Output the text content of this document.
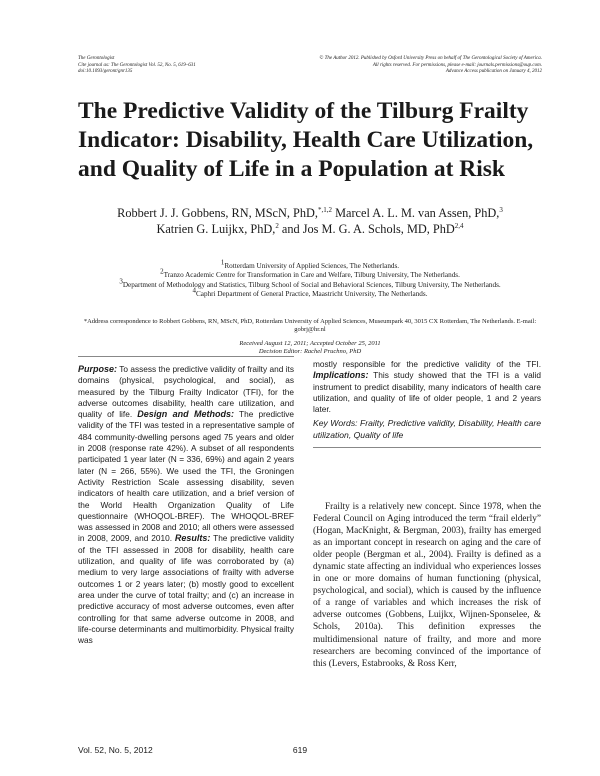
The Gerontologist
Cite journal as: The Gerontologist Vol. 52, No. 5, 619–631
doi:10.1093/geront/gnr135
© The Author 2012. Published by Oxford University Press on behalf of The Gerontological Society of America.
All rights reserved. For permissions, please e-mail: journals.permissions@oup.com.
Advance Access publication on January 4, 2012
The Predictive Validity of the Tilburg Frailty Indicator: Disability, Health Care Utilization, and Quality of Life in a Population at Risk
Robbert J. J. Gobbens, RN, MScN, PhD,$^{*,1,2}$ Marcel A. L. M. van Assen, PhD,$^3$
Katrien G. Luijkx, PhD,$^2$ and Jos M. G. A. Schols, MD, PhD$^{2,4}$
$^1$Rotterdam University of Applied Sciences, The Netherlands.
$^2$Tranzo Academic Centre for Transformation in Care and Welfare, Tilburg University, The Netherlands.
$^3$Department of Methodology and Statistics, Tilburg School of Social and Behavioral Sciences, Tilburg University, The Netherlands.
$^4$Caphri Department of General Practice, Maastricht University, The Netherlands.
*Address correspondence to Robbert Gobbens, RN, MScN, PhD, Rotterdam University of Applied Sciences, Museumpark 40, 3015 CX Rotterdam, The Netherlands. E-mail: gobrj@hr.nl
Received August 12, 2011; Accepted October 25, 2011
Decision Editor: Rachel Pruchno, PhD
Purpose: To assess the predictive validity of frailty and its domains (physical, psychological, and social), as measured by the Tilburg Frailty Indicator (TFI), for the adverse outcomes disability, health care utilization, and quality of life. Design and Methods: The predictive validity of the TFI was tested in a representative sample of 484 community-dwelling persons aged 75 years and older in 2008 (response rate 42%). A subset of all respondents participated 1 year later (N = 336, 69%) and again 2 years later (N = 266, 55%). We used the TFI, the Groningen Activity Restriction Scale assessing disability, seven indicators of health care utilization, and a brief version of the World Health Organization Quality of Life questionnaire (WHOQOL-BREF). The WHOQOL-BREF was assessed in 2008 and 2010; all others were assessed in 2008, 2009, and 2010. Results: The predictive validity of the TFI assessed in 2008 for disability, health care utilization, and quality of life was corroborated by (a) medium to very large associations of frailty with adverse outcomes 1 or 2 years later; (b) mostly good to excellent area under the curve of total frailty; and (c) an increase in predictive accuracy of most adverse outcomes, even after controlling for that same adverse outcome in 2008, and life-course determinants and multimorbidity. Physical frailty was
mostly responsible for the predictive validity of the TFI. Implications: This study showed that the TFI is a valid instrument to predict disability, many indicators of health care utilization, and quality of life of older people, 1 and 2 years later.
Key Words: Frailty, Predictive validity, Disability, Health care utilization, Quality of life

Frailty is a relatively new concept. Since 1978, when the Federal Council on Aging introduced the term “frail elderly” (Hogan, MacKnight, & Bergman, 2003), frailty has emerged as an important concept in research on aging and the care of older people (Bergman et al., 2004). Frailty is defined as a dynamic state affecting an individual who experiences losses in one or more domains of human functioning (physical, psychological, and social), which is caused by the influence of a range of variables and which increases the risk of adverse outcomes (Gobbens, Luijkx, Wijnen-Sponselee, & Schols, 2010a). This definition expresses the multidimensional nature of frailty, and more and more researchers are becoming convinced of the importance of this (Levers, Estabrooks, & Ross Kerr,

Vol. 52, No. 5, 2012	619
